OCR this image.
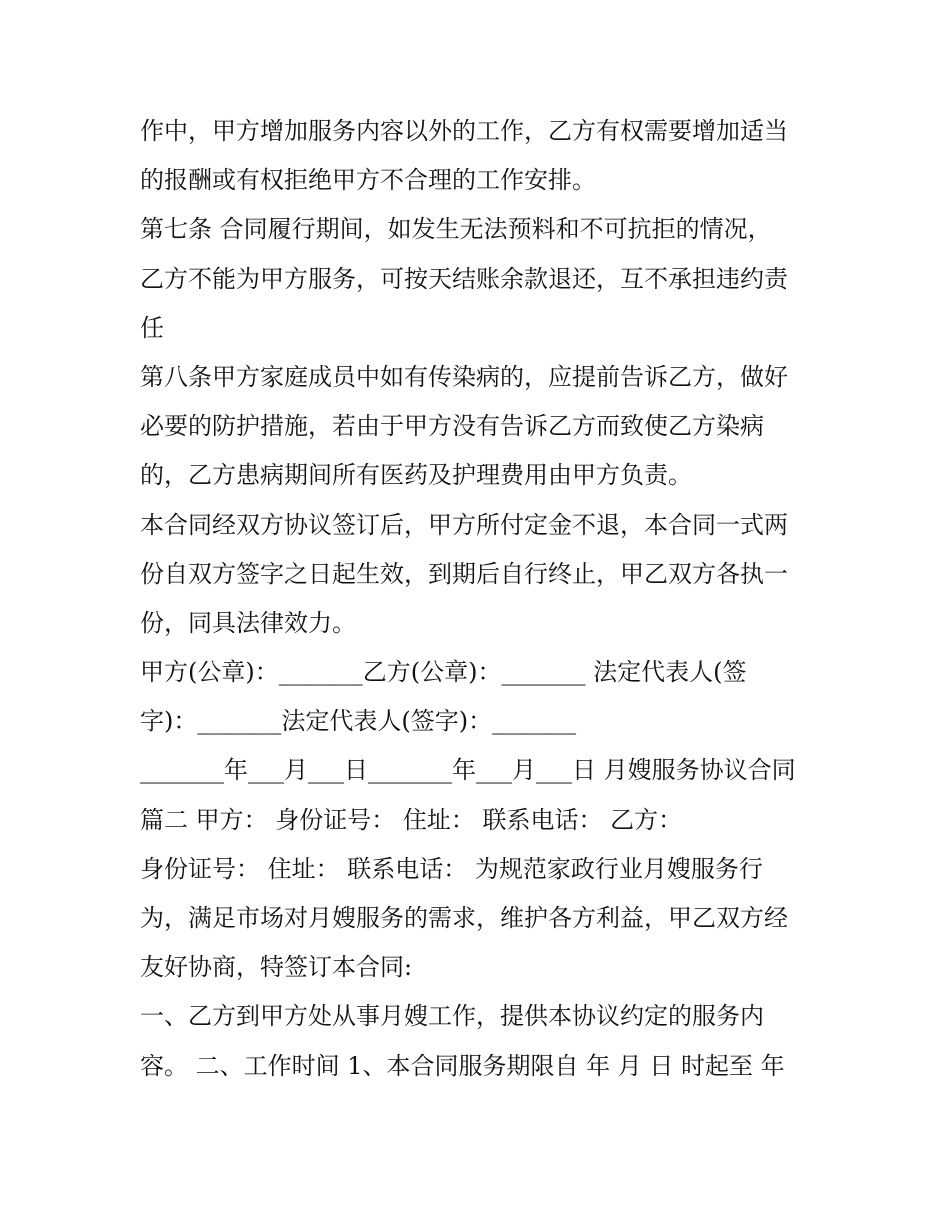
作中，甲方增加服务内容以外的工作，乙方有权需要增加适当
的报酬或有权拒绝甲方不合理的工作安排。
第七条 合同履行期间，如发生无法预料和不可抗拒的情况，
乙方不能为甲方服务，可按天结账余款退还，互不承担违约责
任
第八条甲方家庭成员中如有传染病的，应提前告诉乙方，做好
必要的防护措施，若由于甲方没有告诉乙方而致使乙方染病
的，乙方患病期间所有医药及护理费用由甲方负责。
本合同经双方协议签订后，甲方所付定金不退，本合同一式两
份自双方签字之日起生效，到期后自行终止，甲乙双方各执一
份，同具法律效力。
甲方(公章)：_______乙方(公章)：_______ 法定代表人(签
字)：_______法定代表人(签字)：_______
_______年___月___日_______年___月___日 月嫂服务协议合同
篇二 甲方： 身份证号： 住址： 联系电话： 乙方：
身份证号： 住址： 联系电话： 为规范家政行业月嫂服务行
为，满足市场对月嫂服务的需求，维护各方利益，甲乙双方经
友好协商，特签订本合同:
一、乙方到甲方处从事月嫂工作，提供本协议约定的服务内
容。 二、工作时间 1、本合同服务期限自 年 月 日 时起至 年
